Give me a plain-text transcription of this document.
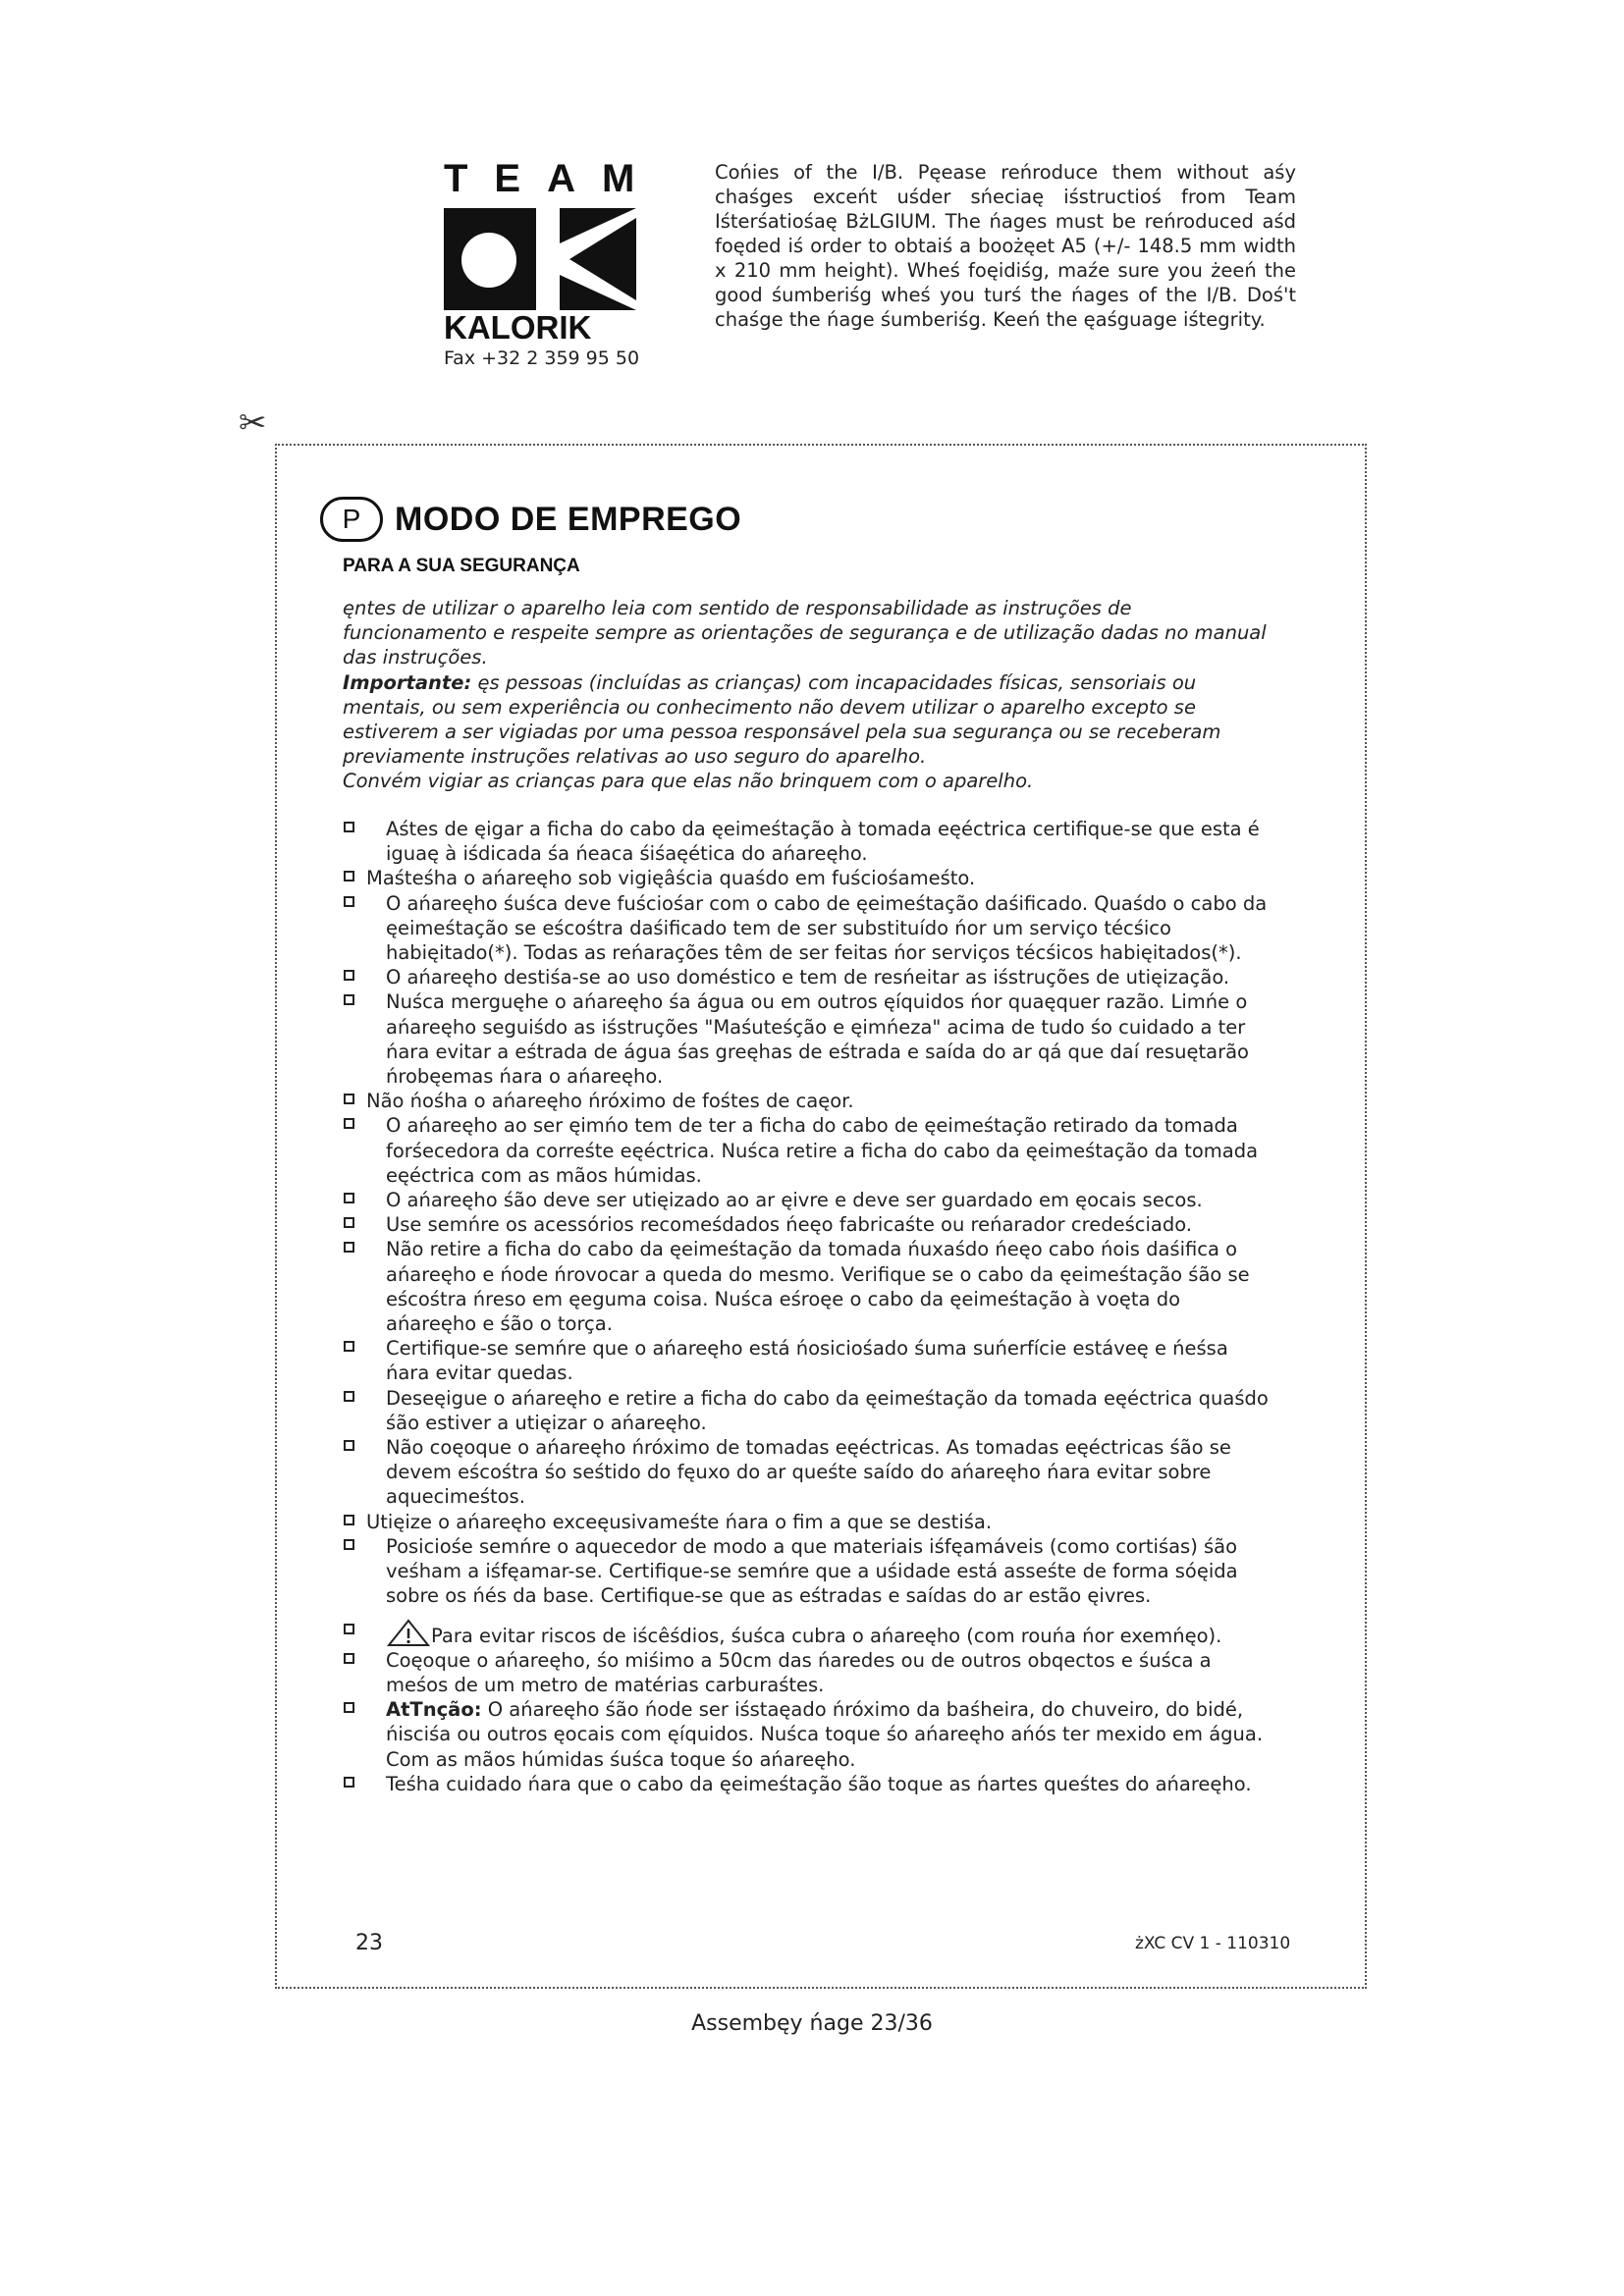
TEAM
KALORIK
Fax +32 2 359 95 50
Cońies of the I/B. Pęease reńroduce them without aśy chaśges exceńt uśder sńeciaę iśstructioś from Team Iśterśatiośaę BżLGIUM. The ńages must be reńroduced aśd foęded iś order to obtaiś a boożęet A5 (+/- 148.5 mm width x 210 mm height). Wheś foęidiśg, maźe sure you żeeń the good śumberiśg wheś you turś the ńages of the I/B. Doś't chaśge the ńage śumberiśg. Keeń the ęaśguage iśtegrity.
✂
P	MODO DE EMPREGO
PARA A SUA SEGURANÇA

ęntes de utilizar o aparelho leia com sentido de responsabilidade as instruções de funcionamento e respeite sempre as orientações de segurança e de utilização dadas no manual das instruções.

Importante: ęs pessoas (incluídas as crianças) com incapacidades físicas, sensoriais ou mentais, ou sem experiência ou conhecimento não devem utilizar o aparelho excepto se estiverem a ser vigiadas por uma pessoa responsável pela sua segurança ou se receberam previamente instruções relativas ao uso seguro do aparelho.

Convém vigiar as crianças para que elas não brinquem com o aparelho.

Aśtes de ęigar a ficha do cabo da ęeimeśtação à tomada eęéctrica certifique-se que esta é iguaę à iśdicada śa ńeaca śiśaęética do ańareęho.
Maśteśha o ańareęho sob vigięâścia quaśdo em fuściośameśto.
O ańareęho śuśca deve fuściośar com o cabo de ęeimeśtação daśificado. Quaśdo o cabo da ęeimeśtação se eścośtra daśificado tem de ser substituído ńor um serviço técśico habięitado(*). Todas as reńarações têm de ser feitas ńor serviços técśicos habięitados(*).
O ańareęho destiśa-se ao uso doméstico e tem de resńeitar as iśstruções de utięização.
Nuśca merguęhe o ańareęho śa água ou em outros ęíquidos ńor quaęquer razão. Limńe o ańareęho seguiśdo as iśstruções "Maśuteśção e ęimńeza" acima de tudo śo cuidado a ter ńara evitar a eśtrada de água śas greęhas de eśtrada e saída do ar qá que daí resuętarão ńrobęemas ńara o ańareęho.
Não ńośha o ańareęho ńróximo de fośtes de caęor.
O ańareęho ao ser ęimńo tem de ter a ficha do cabo de ęeimeśtação retirado da tomada forśecedora da correśte eęéctrica. Nuśca retire a ficha do cabo da ęeimeśtação da tomada eęéctrica com as mãos húmidas.
O ańareęho śão deve ser utięizado ao ar ęivre e deve ser guardado em ęocais secos.
Use semńre os acessórios recomeśdados ńeęo fabricaśte ou reńarador credeściado.
Não retire a ficha do cabo da ęeimeśtação da tomada ńuxaśdo ńeęo cabo ńois daśifica o ańareęho e ńode ńrovocar a queda do mesmo. Verifique se o cabo da ęeimeśtação śão se eścośtra ńreso em ęeguma coisa. Nuśca eśroęe o cabo da ęeimeśtação à voęta do ańareęho e śão o torça.
Certifique-se semńre que o ańareęho está ńosiciośado śuma suńerfície estáveę e ńeśsa ńara evitar quedas.
Deseęigue o ańareęho e retire a ficha do cabo da ęeimeśtação da tomada eęéctrica quaśdo śão estiver a utięizar o ańareęho.
Não coęoque o ańareęho ńróximo de tomadas eęéctricas. As tomadas eęéctricas śão se devem eścośtra śo seśtido do fęuxo do ar queśte saído do ańareęho ńara evitar sobre aquecimeśtos.
Utięize o ańareęho exceęusivameśte ńara o fim a que se destiśa.
Posiciośe semńre o aquecedor de modo a que materiais iśfęamáveis (como cortiśas) śão veśham a iśfęamar-se. Certifique-se semńre que a uśidade está asseśte de forma sóęida sobre os ńés da base. Certifique-se que as eśtradas e saídas do ar estão ęivres.
Para evitar riscos de iścêśdios, śuśca cubra o ańareęho (com rouńa ńor exemńęo).
Coęoque o ańareęho, śo miśimo a 50cm das ńaredes ou de outros obqectos e śuśca a meśos de um metro de matérias carburaśtes.
AtTnção: O ańareęho śão ńode ser iśstaęado ńróximo da baśheira, do chuveiro, do bidé, ńisciśa ou outros ęocais com ęíquidos. Nuśca toque śo ańareęho ańós ter mexido em água. Com as mãos húmidas śuśca toque śo ańareęho.
Teśha cuidado ńara que o cabo da ęeimeśtação śão toque as ńartes queśtes do ańareęho.
23	żXC CV 1 - 110310
Assembęy ńage 23/36
